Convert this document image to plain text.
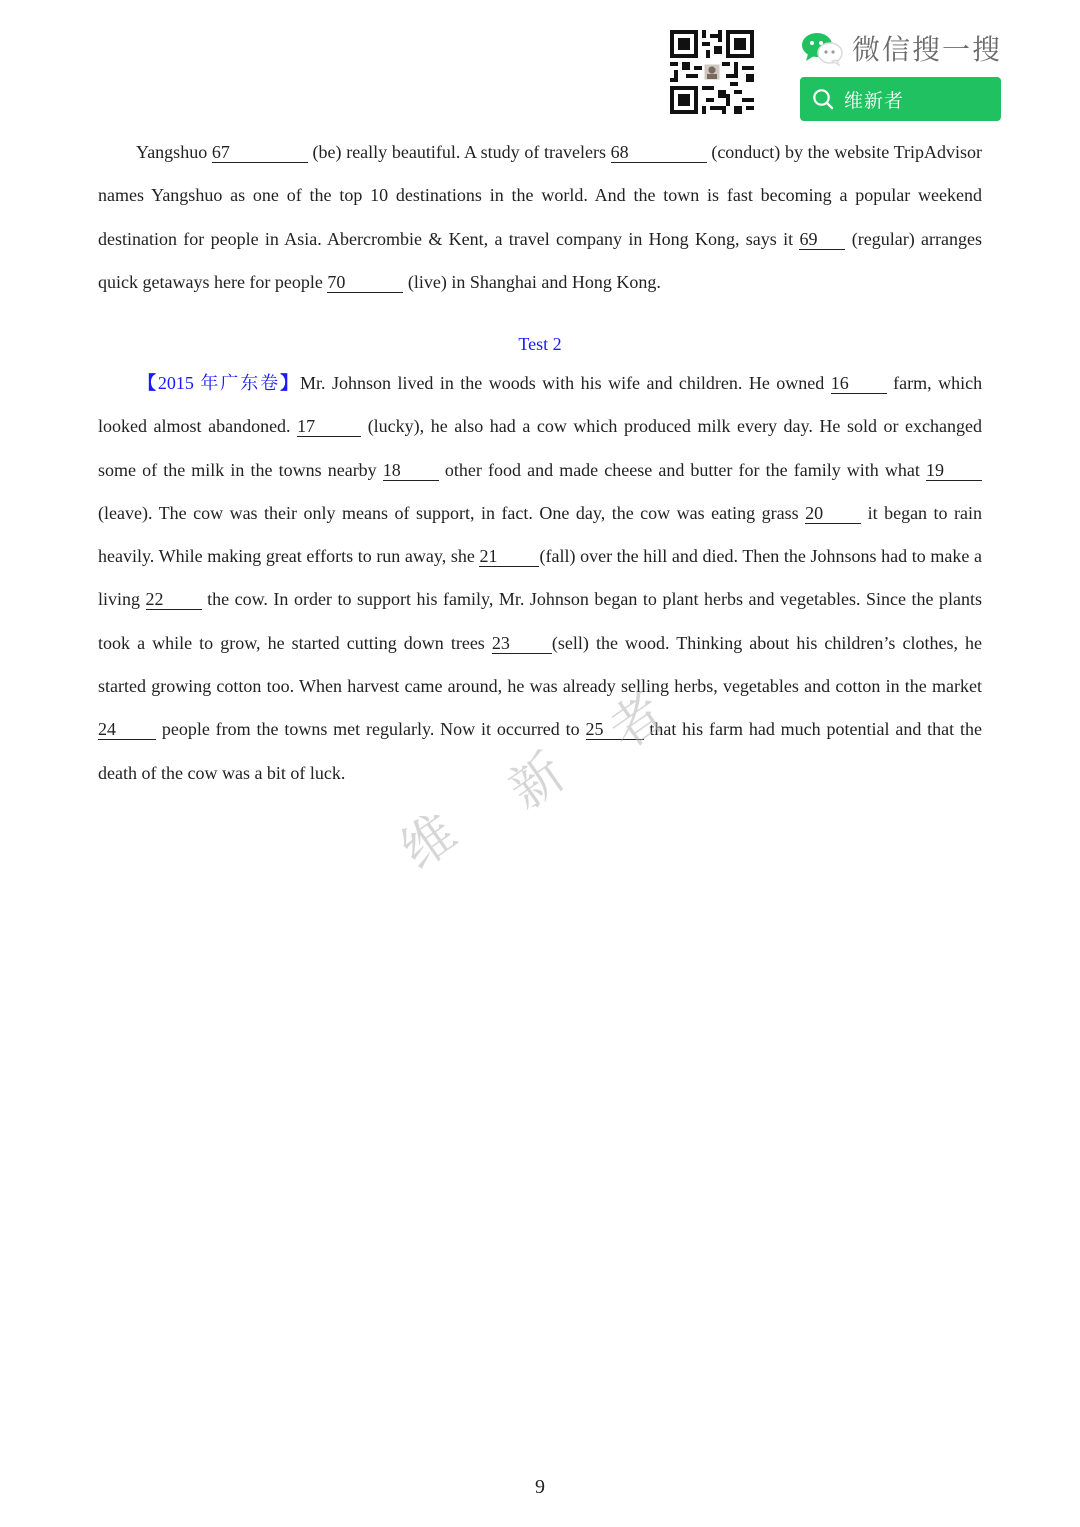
微信搜一搜
维新者
Yangshuo 67	(be) really beautiful. A study of travelers 68	(conduct) by the website TripAdvisor names Yangshuo as one of the top 10 destinations in the world. And the town is fast becoming a popular weekend destination for people in Asia. Abercrombie & Kent, a travel company in Hong Kong, says it 69 (regular) arranges quick getaways here for people 70	(live) in Shanghai and Hong Kong.
Test 2
【2015 年广东卷】Mr. Johnson lived in the woods with his wife and children. He owned 16 farm, which looked almost abandoned. 17	(lucky), he also had a cow which produced milk every day. He sold or exchanged some of the milk in the towns nearby 18 other food and made cheese and butter for the family with what 19(leave). The cow was their only means of support, in fact. One day, the cow was eating grass 20 it began to rain heavily. While making great efforts to run away, she 21 (fall) over the hill and died. Then the Johnsons had to make a living 22 the cow. In order to support his family, Mr. Johnson began to plant herbs and vegetables. Since the plants took a while to grow, he started cutting down trees 23 (sell) the wood. Thinking about his children’s clothes, he started growing cotton too. When harvest came around, he was already selling herbs, vegetables and cotton in the market 24	people from the towns met regularly. Now it occurred to 25	that his farm had much potential and that the death of the cow was a bit of luck.
维
新
者
9
